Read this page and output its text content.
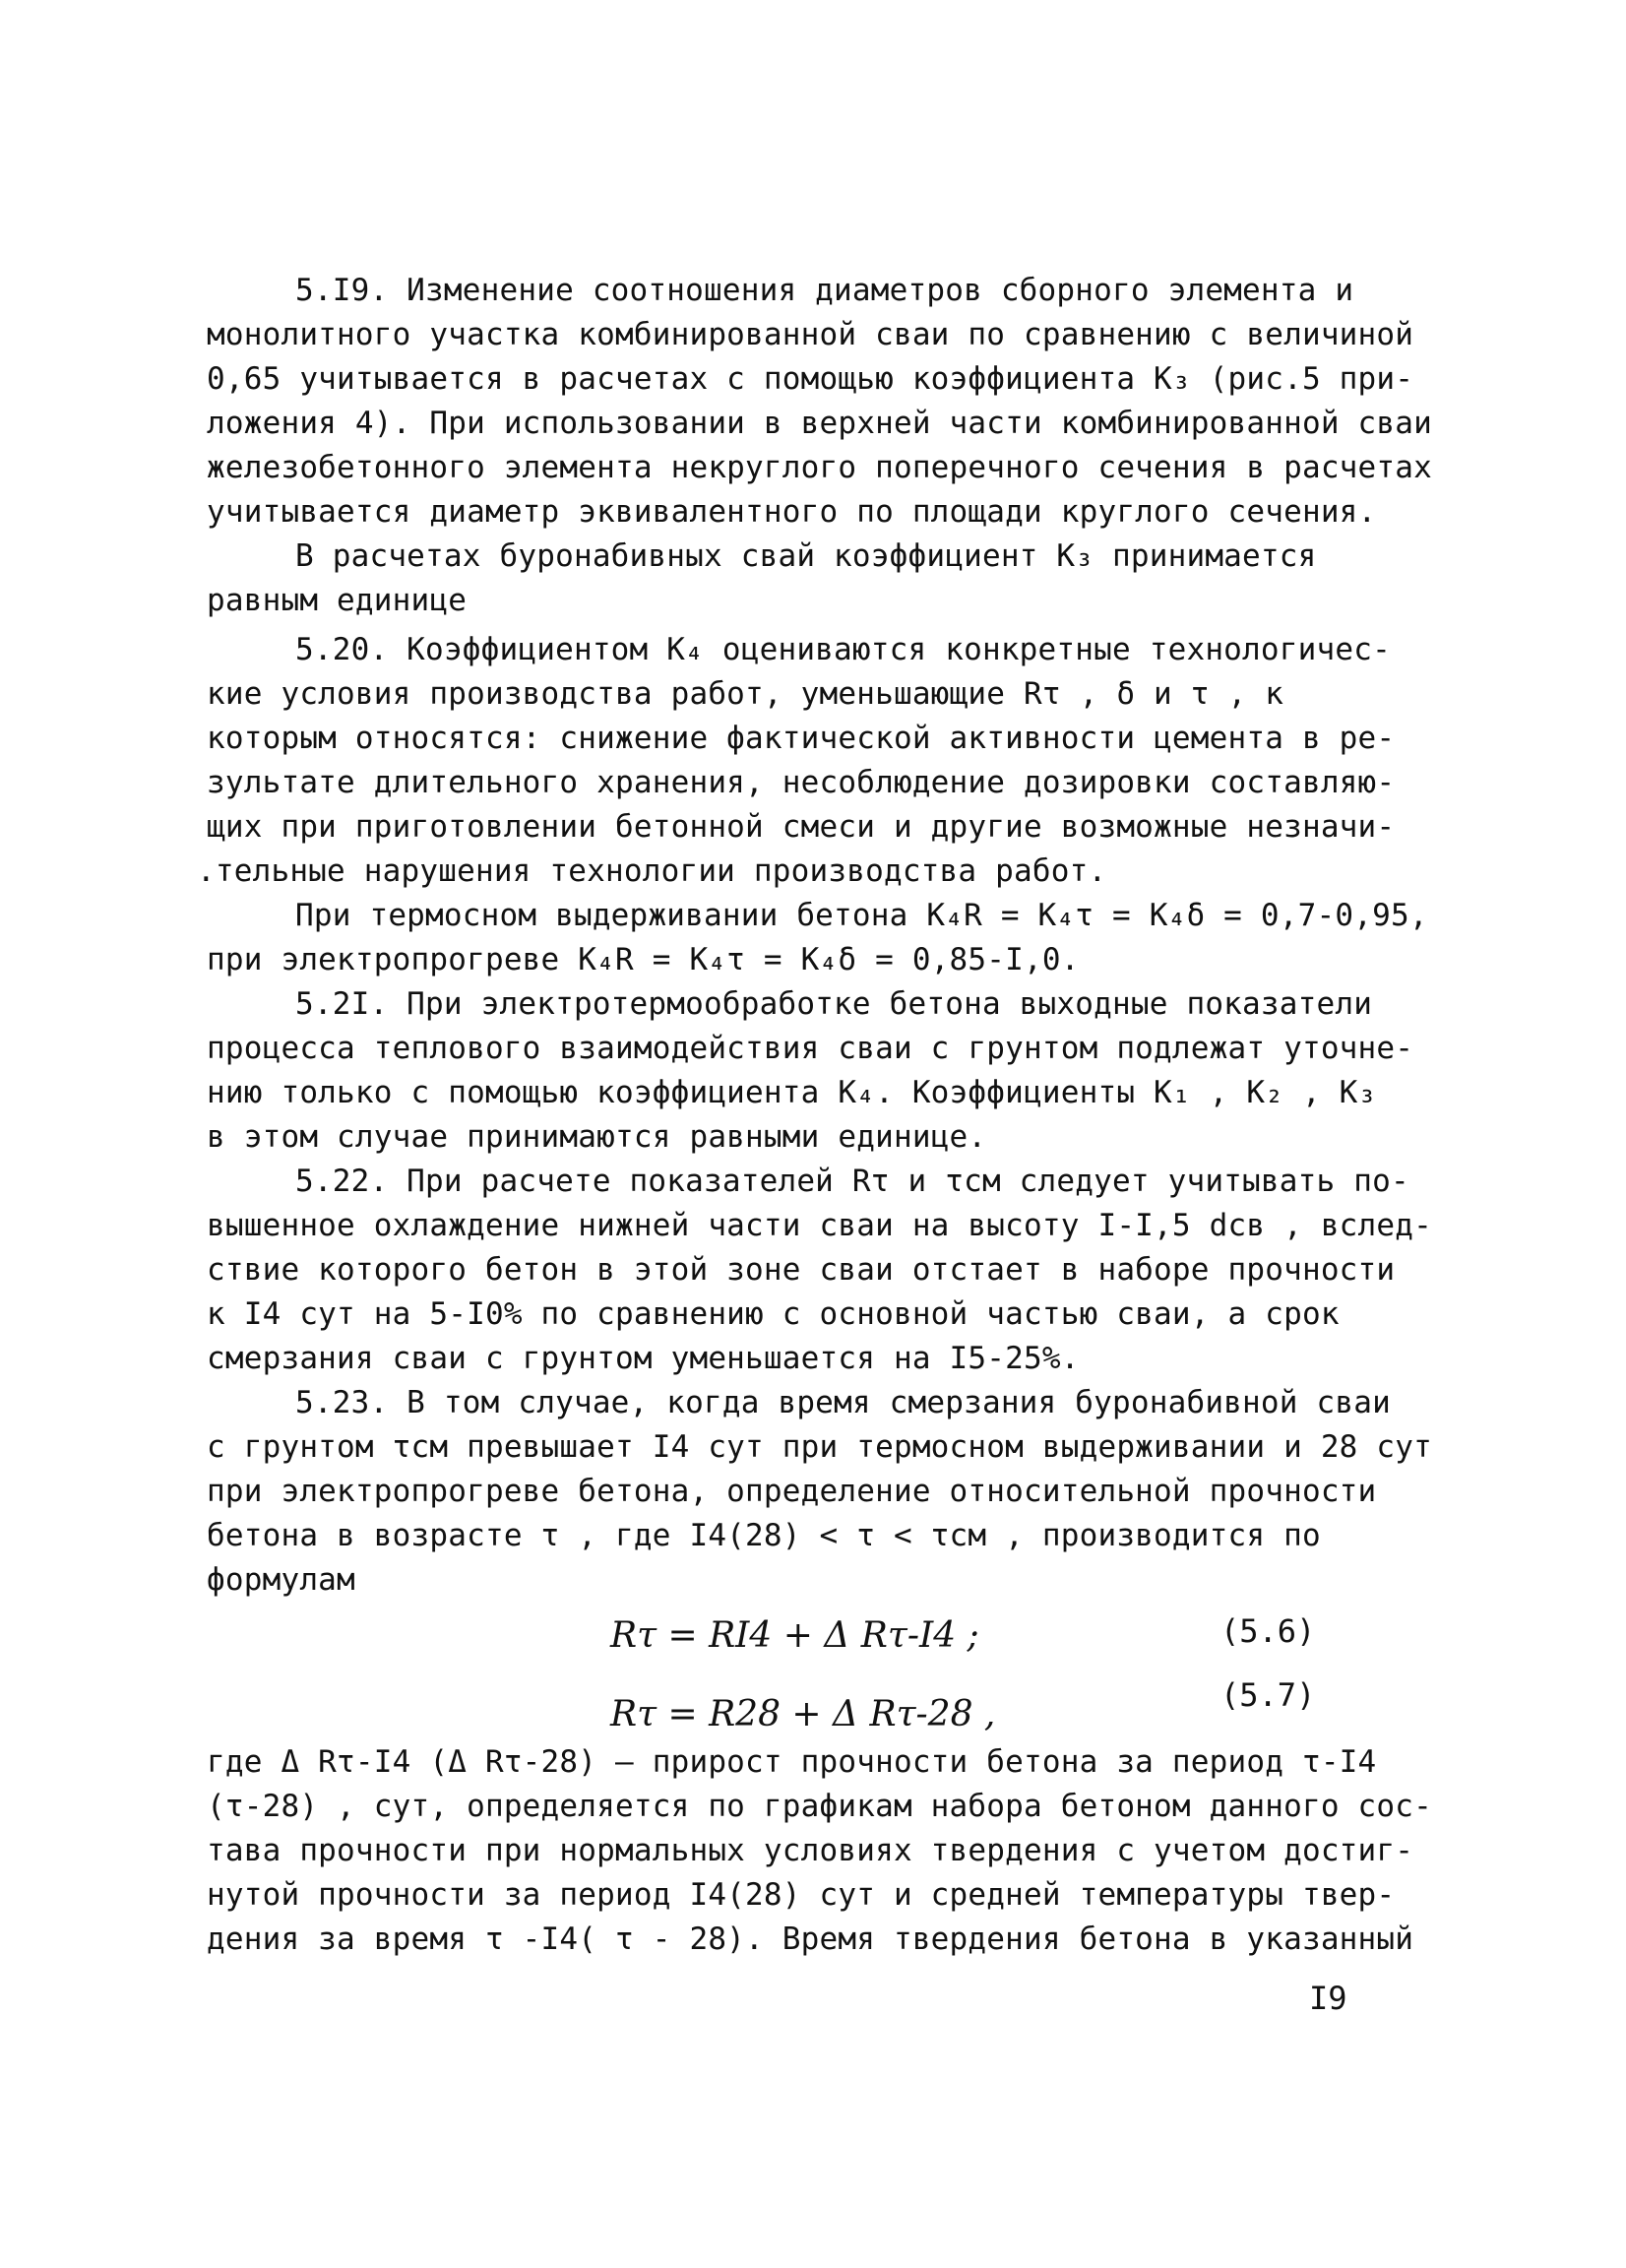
5.I9. Изменение соотношения диаметров сборного элемента и
монолитного участка комбинированной сваи по сравнению с величиной
0,65 учитывается в расчетах с помощью коэффициента K₃ (рис.5 при-
ложения 4). При использовании в верхней части комбинированной сваи
железобетонного элемента некруглого поперечного сечения в расчетах
учитывается диаметр эквивалентного по площади круглого сечения.
В расчетах буронабивных свай коэффициент K₃ принимается
равным единице
5.20. Коэффициентом K₄ оцениваются конкретные технологичес-
кие условия производства работ, уменьшающие Rτ , δ и τ , к
которым относятся: снижение фактической активности цемента в ре-
зультате длительного хранения, несоблюдение дозировки составляю-
щих при приготовлении бетонной смеси и другие возможные незначи-
.тельные нарушения технологии производства работ.
При термосном выдерживании бетона K₄R = K₄τ = K₄δ = 0,7-0,95,
при электропрогреве K₄R = K₄τ = K₄δ = 0,85-I,0.
5.2I. При электротермообработке бетона выходные показатели
процесса теплового взаимодействия сваи с грунтом подлежат уточне-
нию только с помощью коэффициента K₄. Коэффициенты K₁ , K₂ , K₃
в этом случае принимаются равными единице.
5.22. При расчете показателей Rτ и τсм следует учитывать по-
вышенное охлаждение нижней части сваи на высоту I-I,5 dсв , вслед-
ствие которого бетон в этой зоне сваи отстает в наборе прочности
к I4 сут на 5-I0% по сравнению с основной частью сваи, а срок
смерзания сваи с грунтом уменьшается на I5-25%.
5.23. В том случае, когда время смерзания буронабивной сваи
с грунтом τсм превышает I4 сут при термосном выдерживании и 28 сут
при электропрогреве бетона, определение относительной прочности
бетона в возрасте τ , где I4(28) < τ < τсм , производится по
формулам
Rτ = RI4 + Δ Rτ-I4 ;	(5.6)
Rτ = R28 + Δ Rτ-28 ,	(5.7)
где Δ Rτ-I4 (Δ Rτ-28) – прирост прочности бетона за период τ-I4
(τ-28) , сут, определяется по графикам набора бетоном данного сос-
тава прочности при нормальных условиях твердения с учетом достиг-
нутой прочности за период I4(28) сут и средней температуры твер-
дения за время τ -I4( τ - 28). Время твердения бетона в указанный
I9
